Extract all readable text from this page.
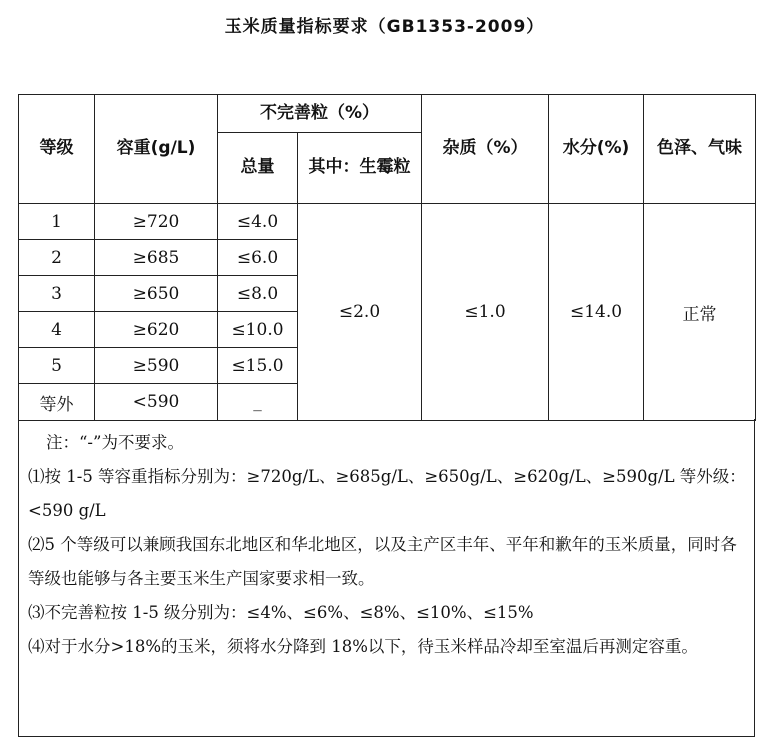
玉米质量指标要求（GB1353-2009）
等级	容重(g/L)	不完善粒（%）		杂质（%）	水分(%)	色泽、气味
		总量	其中：生霉粒			
1	≥720	≤4.0	≤2.0	≤1.0	≤14.0	正常
2	≥685	≤6.0				
3	≥650	≤8.0				
4	≥620	≤10.0				
5	≥590	≤15.0				
等外	<590	_				

注：“-”为不要求。

⑴按 1-5 等容重指标分别为：≥720g/L、≥685g/L、≥650g/L、≥620g/L、≥590g/L 等外级：<590 g/L

⑵5 个等级可以兼顾我国东北地区和华北地区，以及主产区丰年、平年和歉年的玉米质量，同时各等级也能够与各主要玉米生产国家要求相一致。

⑶不完善粒按 1-5 级分别为：≤4%、≤6%、≤8%、≤10%、≤15%

⑷对于水分>18%的玉米，须将水分降到 18%以下，待玉米样品冷却至室温后再测定容重。
